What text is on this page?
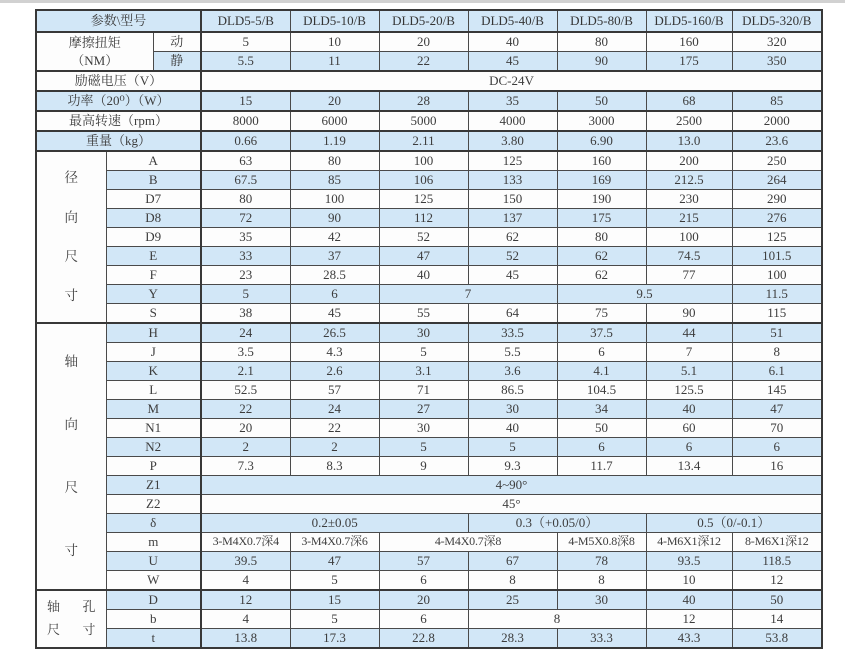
参数\型号			DLD5-5/B	DLD5-10/B	DLD5-20/B	DLD5-40/B	DLD5-80/B	DLD5-160/B	DLD5-320/B

摩擦扭矩
（NM）		动	5	10	20	40	80	160	320
		静	5.5	11	22	45	90	175	350
励磁电压（V）			DC-24V						
功率（20⁰）（W）			15	20	28	35	50	68	85
最高转速（rpm）			8000	6000	5000	4000	3000	2500	2000
重量（kg）			0.66	1.19	2.11	3.80	6.90	13.0	23.6

径
向
尺
寸	A		63	80	100	125	160	200	250
	B		67.5	85	106	133	169	212.5	264
	D7		80	100	125	150	190	230	290
	D8		72	90	112	137	175	215	276
	D9		35	42	52	62	80	100	125
	E		33	37	47	52	62	74.5	101.5
	F		23	28.5	40	45	62	77	100
	Y		5	6	7		9.5		11.5
	S		38	45	55	64	75	90	115

轴
向
尺
寸	H		24	26.5	30	33.5	37.5	44	51
	J		3.5	4.3	5	5.5	6	7	8
	K		2.1	2.6	3.1	3.6	4.1	5.1	6.1
	L		52.5	57	71	86.5	104.5	125.5	145
	M		22	24	27	30	34	40	47
	N1		20	22	30	40	50	60	70
	N2		2	2	5	5	6	6	6
	P		7.3	8.3	9	9.3	11.7	13.4	16
	Z1		4~90°						
	Z2		45°						
	δ		0.2±0.05			0.3（+0.05/0）		0.5（0/-0.1）	
	m		3-M4X0.7深4	3-M4X0.7深6	4-M4X0.7深8		4-M5X0.8深8	4-M6X1深12	8-M6X1深12
	U		39.5	47	57	67	78	93.5	118.5
	W		4	5	6	8	8	10	12

轴 孔
尺 寸	D		12	15	20	25	30	40	50
	b		4	5	6	8		12	14
	t		13.8	17.3	22.8	28.3	33.3	43.3	53.8
